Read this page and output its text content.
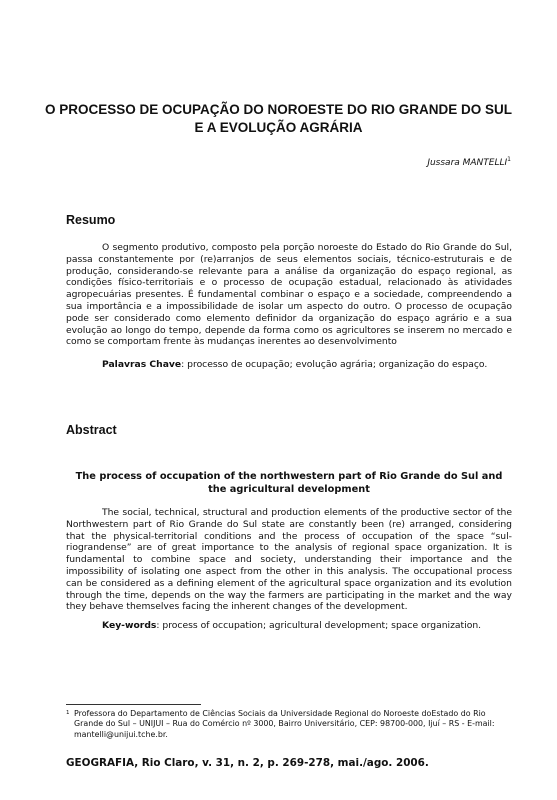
O PROCESSO DE OCUPAÇÃO DO NOROESTE DO RIO GRANDE DO SUL E A EVOLUÇÃO AGRÁRIA
Jussara MANTELLI$^1$
Resumo
O segmento produtivo, composto pela porção noroeste do Estado do Rio Grande do Sul, passa constantemente por (re)arranjos de seus elementos sociais, técnico-estruturais e de produção, considerando-se relevante para a análise da organização do espaço regional, as condições físico-territoriais e o processo de ocupação estadual, relacionado às atividades agropecuárias presentes. É fundamental combinar o espaço e a sociedade, compreendendo a sua importância e a impossibilidade de isolar um aspecto do outro. O processo de ocupação pode ser considerado como elemento definidor da organização do espaço agrário e a sua evolução ao longo do tempo, depende da forma como os agricultores se inserem no mercado e como se comportam frente às mudanças inerentes ao desenvolvimento
Palavras Chave: processo de ocupação; evolução agrária; organização do espaço.
Abstract
The process of occupation of the northwestern part of Rio Grande do Sul and the agricultural development
The social, technical, structural and production elements of the productive sector of the Northwestern part of Rio Grande do Sul state are constantly been (re) arranged, considering that the physical-territorial conditions and the process of occupation of the space “sul-riograndense” are of great importance to the analysis of regional space organization. It is fundamental to combine space and society, understanding their importance and the impossibility of isolating one aspect from the other in this analysis. The occupational process can be considered as a defining element of the agricultural space organization and its evolution through the time, depends on the way the farmers are participating in the market and the way they behave themselves facing the inherent changes of the development.
Key-words: process of occupation; agricultural development; space organization.
1 Professora do Departamento de Ciências Sociais da Universidade Regional do Noroeste doEstado do Rio Grande do Sul – UNIJUI – Rua do Comércio nº 3000, Bairro Universitário, CEP: 98700-000, Ijuí – RS - E-mail: mantelli@unijui.tche.br.
GEOGRAFIA, Rio Claro, v. 31, n. 2, p. 269-278, mai./ago. 2006.
